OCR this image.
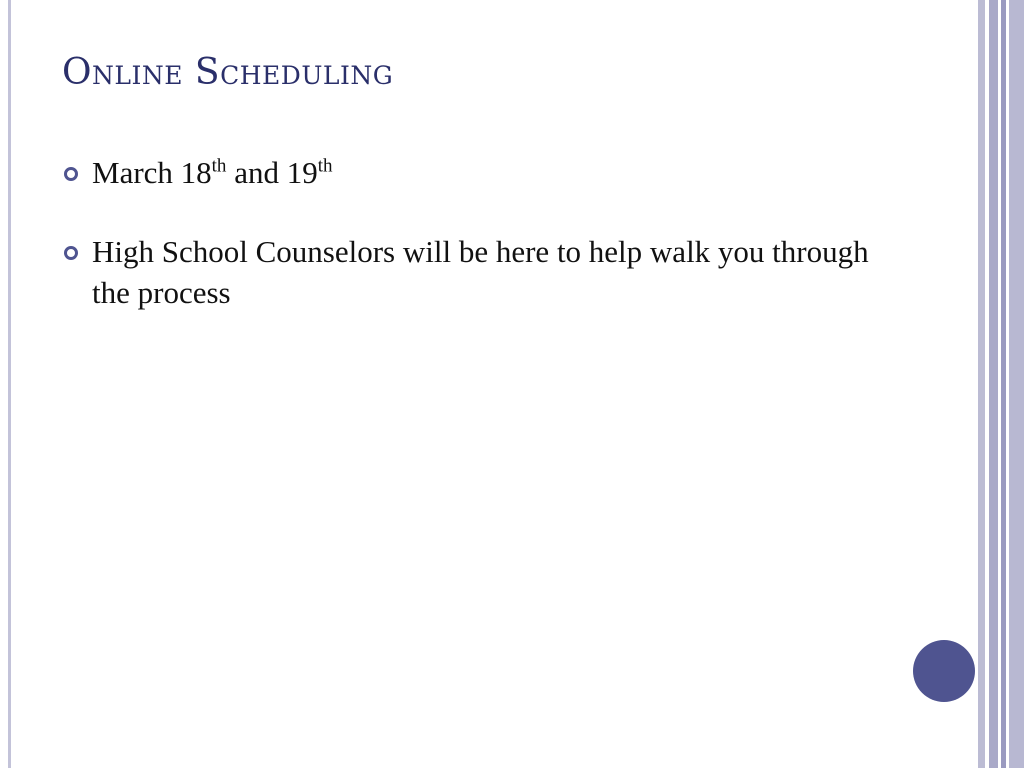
Online Scheduling
March 18th and 19th
High School Counselors will be here to help walk you through the process
